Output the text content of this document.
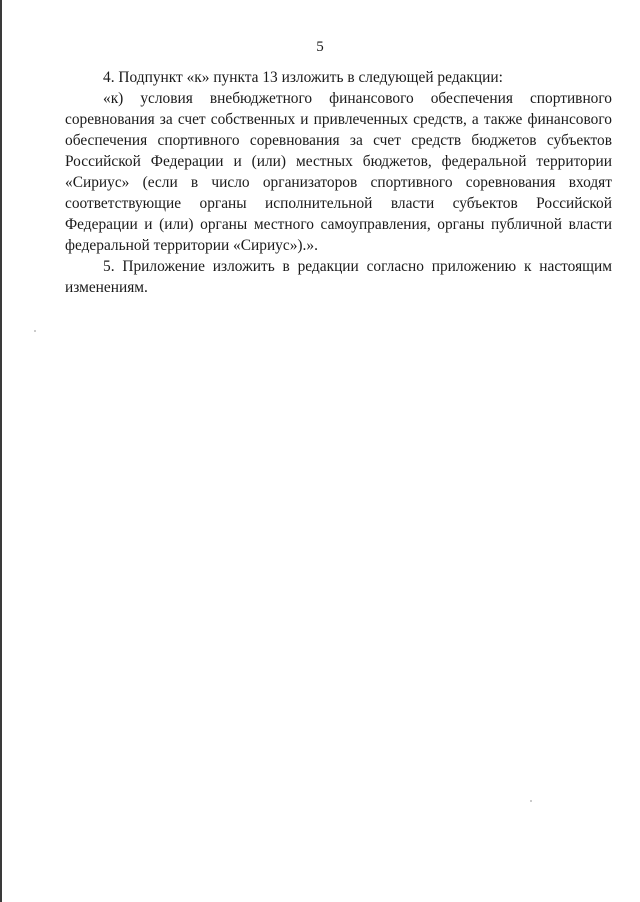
5

4. Подпункт «к» пункта 13 изложить в следующей редакции:

«к) условия внебюджетного финансового обеспечения спортивного соревнования за счет собственных и привлеченных средств, а также финансового обеспечения спортивного соревнования за счет средств бюджетов субъектов Российской Федерации и (или) местных бюджетов, федеральной территории «Сириус» (если в число организаторов спортивного соревнования входят соответствующие органы исполнительной власти субъектов Российской Федерации и (или) органы местного самоуправления, органы публичной власти федеральной территории «Сириус»).».

5. Приложение изложить в редакции согласно приложению к настоящим изменениям.
